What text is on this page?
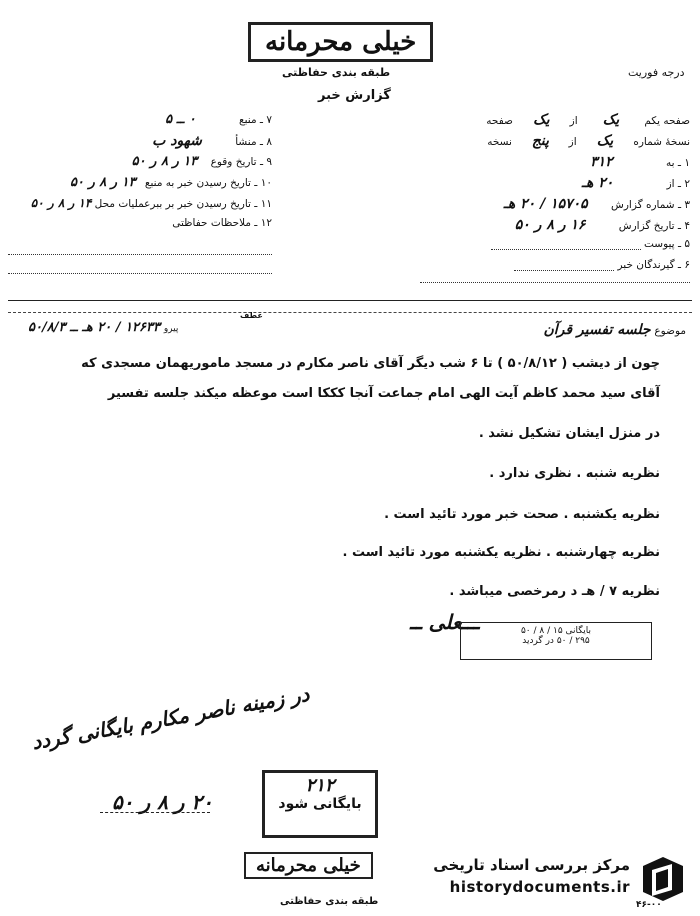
خیلی محرمانه
طبقه بندی حفاظتی	درجه فوریت
گزارش خبر
صفحه یکم یک از یک صفحه
نسخهٔ شماره یک از پنج نسخه
۱ ـ به ۳۱۲
۲ ـ از ۲۰ هـ
۳ ـ شماره گزارش ۱۵۷۰۵ / ۲۰ هـ
۴ ـ تاریخ گزارش ۱۶ ر ۸ ر ۵۰
۵ ـ پیوست
۶ ـ گیرندگان خبر
۷ ـ منبع ۰ ــ ۵
۸ ـ منشأ شهود ب
۹ ـ تاریخ وقوع ۱۳ ر ۸ ر ۵۰
۱۰ ـ تاریخ رسیدن خبر به منبع ۱۳ ر ۸ ر ۵۰
۱۱ ـ تاریخ رسیدن خبر بر ببرعملیات محل ۱۴ ر ۸ ر ۵۰
۱۲ ـ ملاحظات حفاظتی
موضوع جلسه تفسیر قرآن
پیرو ۱۲۶۳۳ / ۲۰ هـ ــ ۵۰/۸/۳
عطف
چون از دیشب ( ۵۰/۸/۱۲ ) تا ۶ شب دیگر آقای ناصر مکارم در مسجد ماموریهمان مسجدی که
آقای سید محمد کاظم آیت الهی امام جماعت آنجا کککا است موعظه میکند جلسه تفسیر
در منزل ایشان تشکیل نشد .
نظریه شنبه . نظری ندارد .
نظریه یکشنبه . صحت خبر مورد تائید است .
نظریه چهارشنبه . نظریه یکشنبه مورد تائید است .
نظریه ۷ / هـ د رمرخصی میباشد .
ـــعلی ــ	بایگانی ۱۵ / ۸ / ۵۰
۲۹۵ / ۵۰ در گردید
در زمینه ناصر مکارم بایگانی گردد
۲۰ ر ۸ ر ۵۰
۲۱۲
بایگانی شود
خیلی محرمانه
طبقه بندی حفاظتی
مرکز بررسی اسناد تاریخی
historydocuments.ir
۴۶-۰۰
